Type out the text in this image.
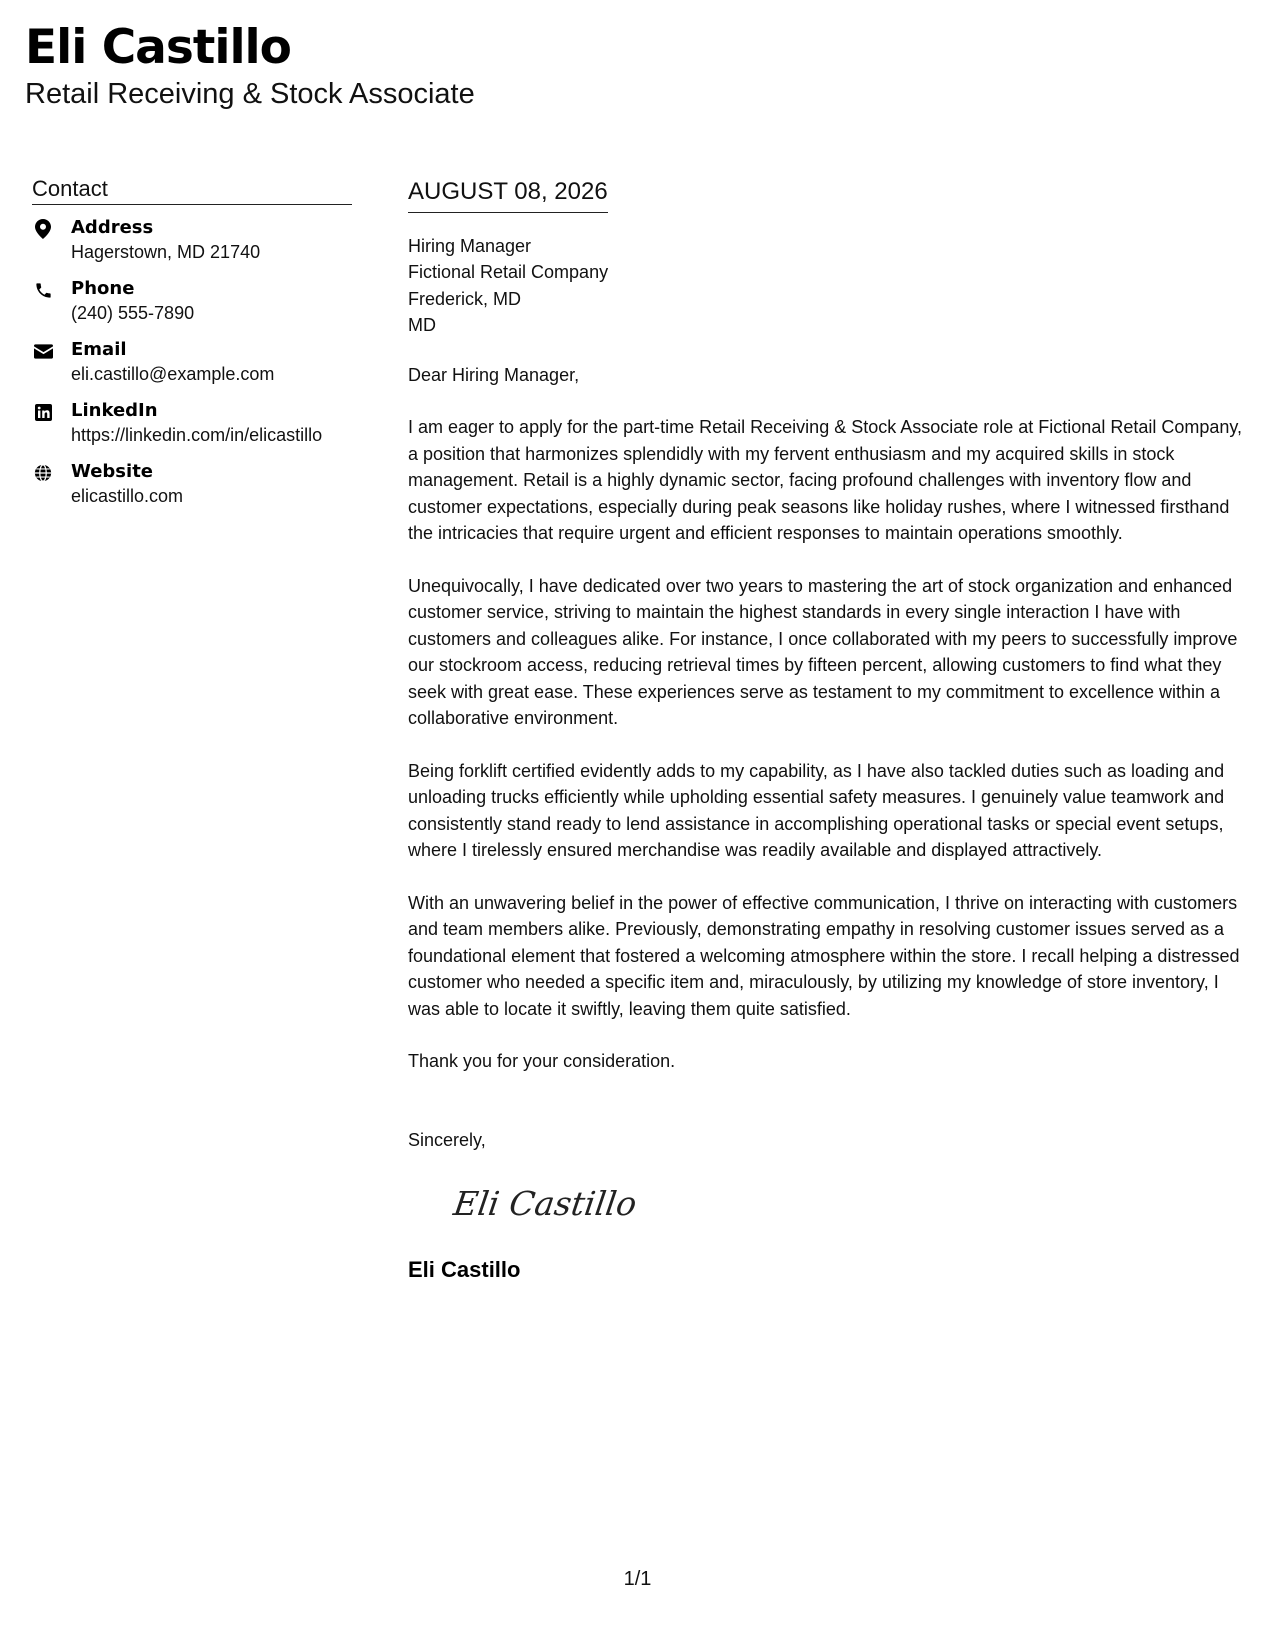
Eli Castillo
Retail Receiving & Stock Associate
Contact
Address
Hagerstown, MD 21740
Phone
(240) 555-7890
Email
eli.castillo@example.com
LinkedIn
https://linkedin.com/in/elicastillo
Website
elicastillo.com
AUGUST 08, 2026
Hiring Manager
Fictional Retail Company
Frederick, MD
MD
Dear Hiring Manager,
I am eager to apply for the part-time Retail Receiving & Stock Associate role at Fictional Retail Company, a position that harmonizes splendidly with my fervent enthusiasm and my acquired skills in stock management. Retail is a highly dynamic sector, facing profound challenges with inventory flow and customer expectations, especially during peak seasons like holiday rushes, where I witnessed firsthand the intricacies that require urgent and efficient responses to maintain operations smoothly.
Unequivocally, I have dedicated over two years to mastering the art of stock organization and enhanced customer service, striving to maintain the highest standards in every single interaction I have with customers and colleagues alike. For instance, I once collaborated with my peers to successfully improve our stockroom access, reducing retrieval times by fifteen percent, allowing customers to find what they seek with great ease. These experiences serve as testament to my commitment to excellence within a collaborative environment.
Being forklift certified evidently adds to my capability, as I have also tackled duties such as loading and unloading trucks efficiently while upholding essential safety measures. I genuinely value teamwork and consistently stand ready to lend assistance in accomplishing operational tasks or special event setups, where I tirelessly ensured merchandise was readily available and displayed attractively.
With an unwavering belief in the power of effective communication, I thrive on interacting with customers and team members alike. Previously, demonstrating empathy in resolving customer issues served as a foundational element that fostered a welcoming atmosphere within the store. I recall helping a distressed customer who needed a specific item and, miraculously, by utilizing my knowledge of store inventory, I was able to locate it swiftly, leaving them quite satisfied.
Thank you for your consideration.
Sincerely,
Eli Castillo
Eli Castillo
1/1
